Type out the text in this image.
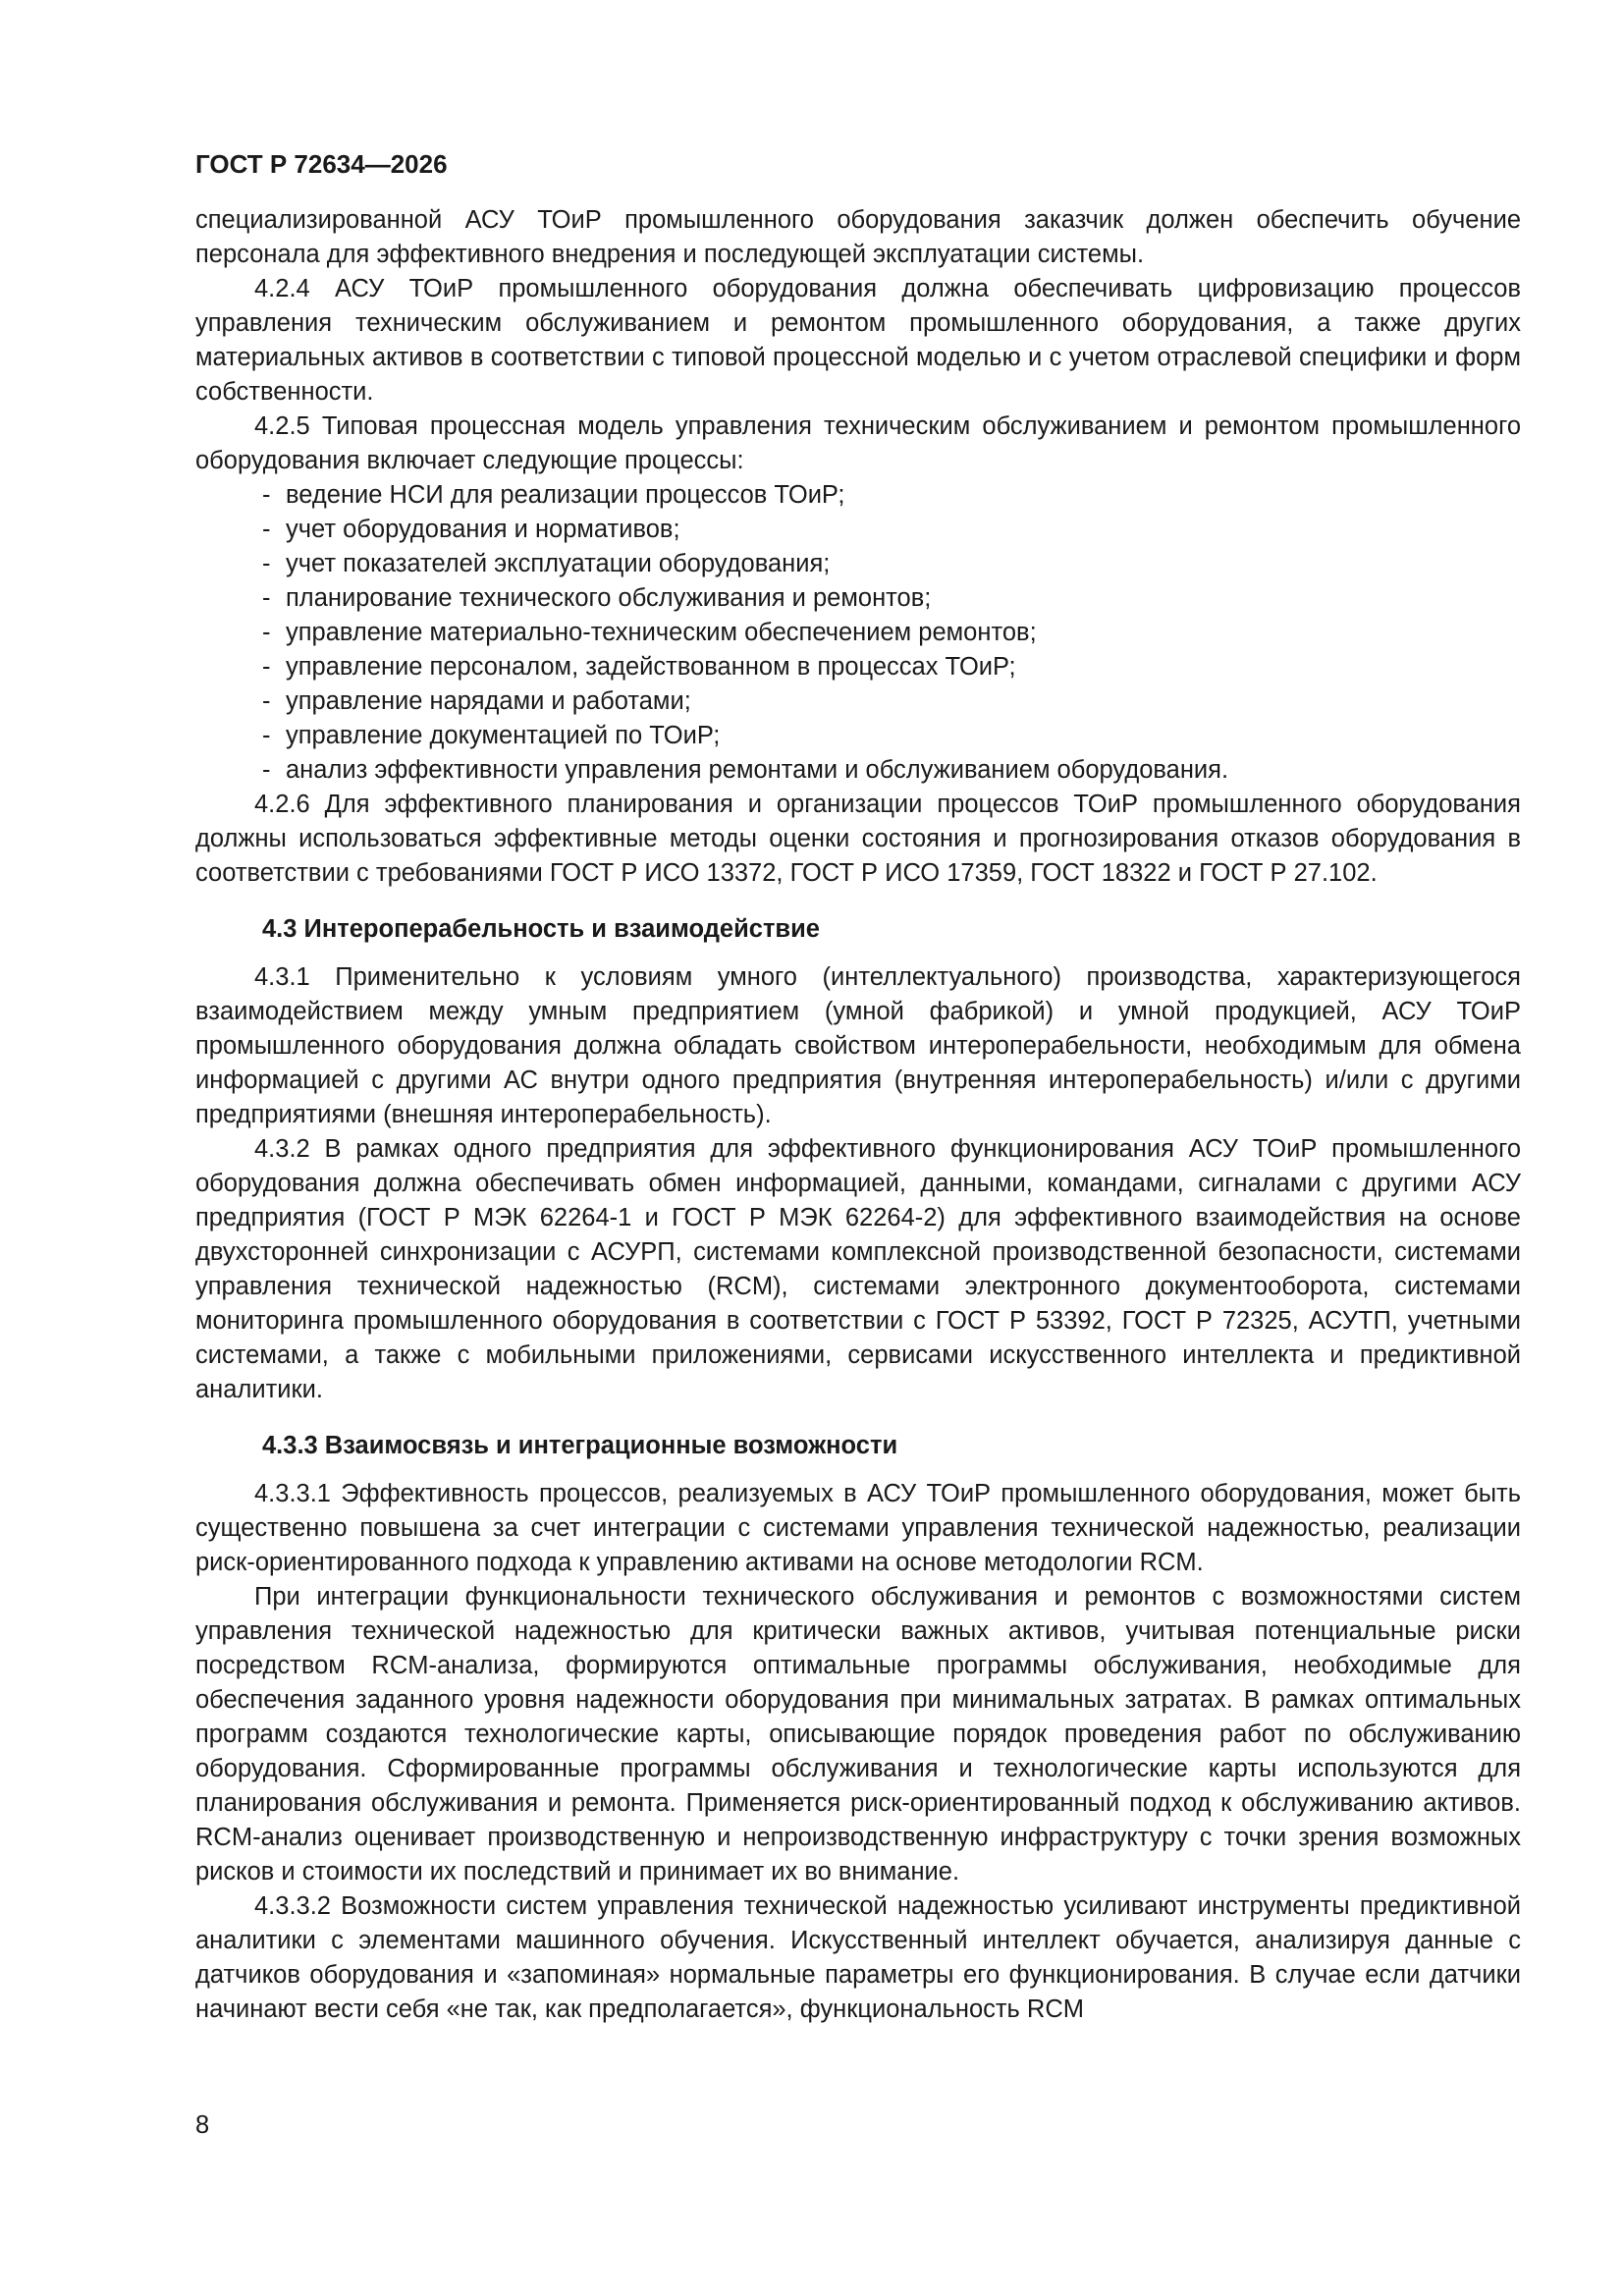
ГОСТ Р 72634—2026

специализированной АСУ ТОиР промышленного оборудования заказчик должен обеспечить обучение персонала для эффективного внедрения и последующей эксплуатации системы.

4.2.4 АСУ ТОиР промышленного оборудования должна обеспечивать цифровизацию процессов управления техническим обслуживанием и ремонтом промышленного оборудования, а также других материальных активов в соответствии с типовой процессной моделью и с учетом отраслевой специфики и форм собственности.

4.2.5 Типовая процессная модель управления техническим обслуживанием и ремонтом промышленного оборудования включает следующие процессы:

- ведение НСИ для реализации процессов ТОиР;
- учет оборудования и нормативов;
- учет показателей эксплуатации оборудования;
- планирование технического обслуживания и ремонтов;
- управление материально-техническим обеспечением ремонтов;
- управление персоналом, задействованном в процессах ТОиР;
- управление нарядами и работами;
- управление документацией по ТОиР;
- анализ эффективности управления ремонтами и обслуживанием оборудования.

4.2.6 Для эффективного планирования и организации процессов ТОиР промышленного оборудования должны использоваться эффективные методы оценки состояния и прогнозирования отказов оборудования в соответствии с требованиями ГОСТ Р ИСО 13372, ГОСТ Р ИСО 17359, ГОСТ 18322 и ГОСТ Р 27.102.

4.3 Интероперабельность и взаимодействие

4.3.1 Применительно к условиям умного (интеллектуального) производства, характеризующегося взаимодействием между умным предприятием (умной фабрикой) и умной продукцией, АСУ ТОиР промышленного оборудования должна обладать свойством интероперабельности, необходимым для обмена информацией с другими АС внутри одного предприятия (внутренняя интероперабельность) и/или с другими предприятиями (внешняя интероперабельность).

4.3.2 В рамках одного предприятия для эффективного функционирования АСУ ТОиР промышленного оборудования должна обеспечивать обмен информацией, данными, командами, сигналами с другими АСУ предприятия (ГОСТ Р МЭК 62264-1 и ГОСТ Р МЭК 62264-2) для эффективного взаимодействия на основе двухсторонней синхронизации с АСУРП, системами комплексной производственной безопасности, системами управления технической надежностью (RCM), системами электронного документооборота, системами мониторинга промышленного оборудования в соответствии с ГОСТ Р 53392, ГОСТ Р 72325, АСУТП, учетными системами, а также с мобильными приложениями, сервисами искусственного интеллекта и предиктивной аналитики.

4.3.3 Взаимосвязь и интеграционные возможности

4.3.3.1 Эффективность процессов, реализуемых в АСУ ТОиР промышленного оборудования, может быть существенно повышена за счет интеграции с системами управления технической надежностью, реализации риск-ориентированного подхода к управлению активами на основе методологии RCM.

При интеграции функциональности технического обслуживания и ремонтов с возможностями систем управления технической надежностью для критически важных активов, учитывая потенциальные риски посредством RCM-анализа, формируются оптимальные программы обслуживания, необходимые для обеспечения заданного уровня надежности оборудования при минимальных затратах. В рамках оптимальных программ создаются технологические карты, описывающие порядок проведения работ по обслуживанию оборудования. Сформированные программы обслуживания и технологические карты используются для планирования обслуживания и ремонта. Применяется риск-ориентированный подход к обслуживанию активов. RCM-анализ оценивает производственную и непроизводственную инфраструктуру с точки зрения возможных рисков и стоимости их последствий и принимает их во внимание.

4.3.3.2 Возможности систем управления технической надежностью усиливают инструменты предиктивной аналитики с элементами машинного обучения. Искусственный интеллект обучается, анализируя данные с датчиков оборудования и «запоминая» нормальные параметры его функционирования. В случае если датчики начинают вести себя «не так, как предполагается», функциональность RCM

8
